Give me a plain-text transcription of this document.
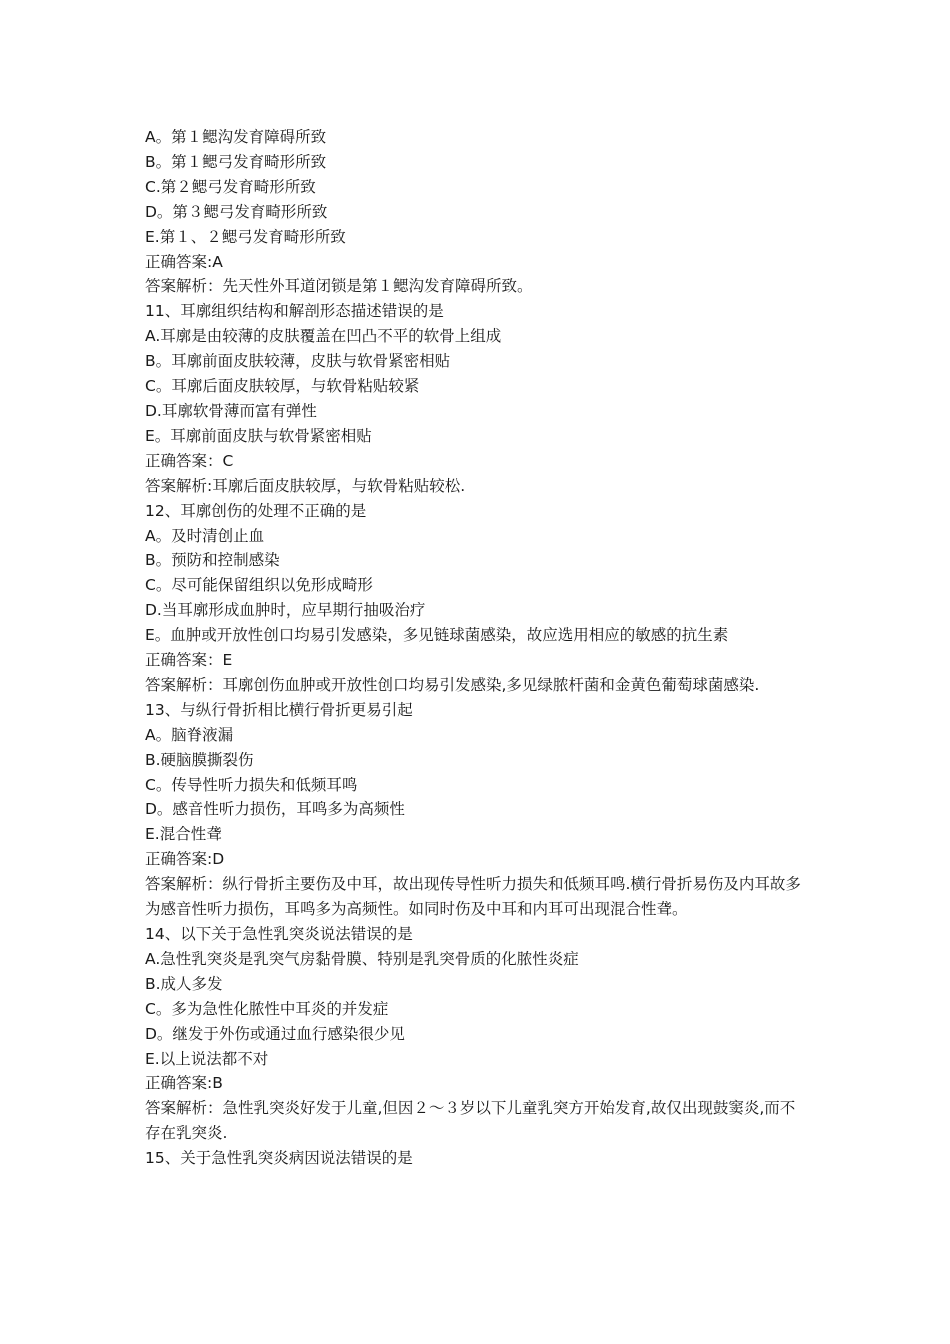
A。第１鳃沟发育障碍所致

B。第１鳃弓发育畸形所致

C.第２鳃弓发育畸形所致

D。第３鳃弓发育畸形所致

E.第１、２鳃弓发育畸形所致

正确答案:A

答案解析：先天性外耳道闭锁是第１鳃沟发育障碍所致。

11、耳廓组织结构和解剖形态描述错误的是

A.耳廓是由较薄的皮肤覆盖在凹凸不平的软骨上组成

B。耳廓前面皮肤较薄，皮肤与软骨紧密相贴

C。耳廓后面皮肤较厚，与软骨粘贴较紧

D.耳廓软骨薄而富有弹性

E。耳廓前面皮肤与软骨紧密相贴

正确答案：C

答案解析:耳廓后面皮肤较厚，与软骨粘贴较松.

12、耳廓创伤的处理不正确的是

A。及时清创止血

B。预防和控制感染

C。尽可能保留组织以免形成畸形

D.当耳廓形成血肿时，应早期行抽吸治疗

E。血肿或开放性创口均易引发感染，多见链球菌感染，故应选用相应的敏感的抗生素

正确答案：E

答案解析：耳廓创伤血肿或开放性创口均易引发感染,多见绿脓杆菌和金黄色葡萄球菌感染.

13、与纵行骨折相比横行骨折更易引起

A。脑脊液漏

B.硬脑膜撕裂伤

C。传导性听力损失和低频耳鸣

D。感音性听力损伤，耳鸣多为高频性

E.混合性聋

正确答案:D

答案解析：纵行骨折主要伤及中耳，故出现传导性听力损失和低频耳鸣.横行骨折易伤及内耳故多为感音性听力损伤，耳鸣多为高频性。如同时伤及中耳和内耳可出现混合性聋。

14、以下关于急性乳突炎说法错误的是

A.急性乳突炎是乳突气房黏骨膜、特别是乳突骨质的化脓性炎症

B.成人多发

C。多为急性化脓性中耳炎的并发症

D。继发于外伤或通过血行感染很少见

E.以上说法都不对

正确答案:B

答案解析：急性乳突炎好发于儿童,但因２～３岁以下儿童乳突方开始发育,故仅出现鼓窦炎,而不存在乳突炎.

15、关于急性乳突炎病因说法错误的是
